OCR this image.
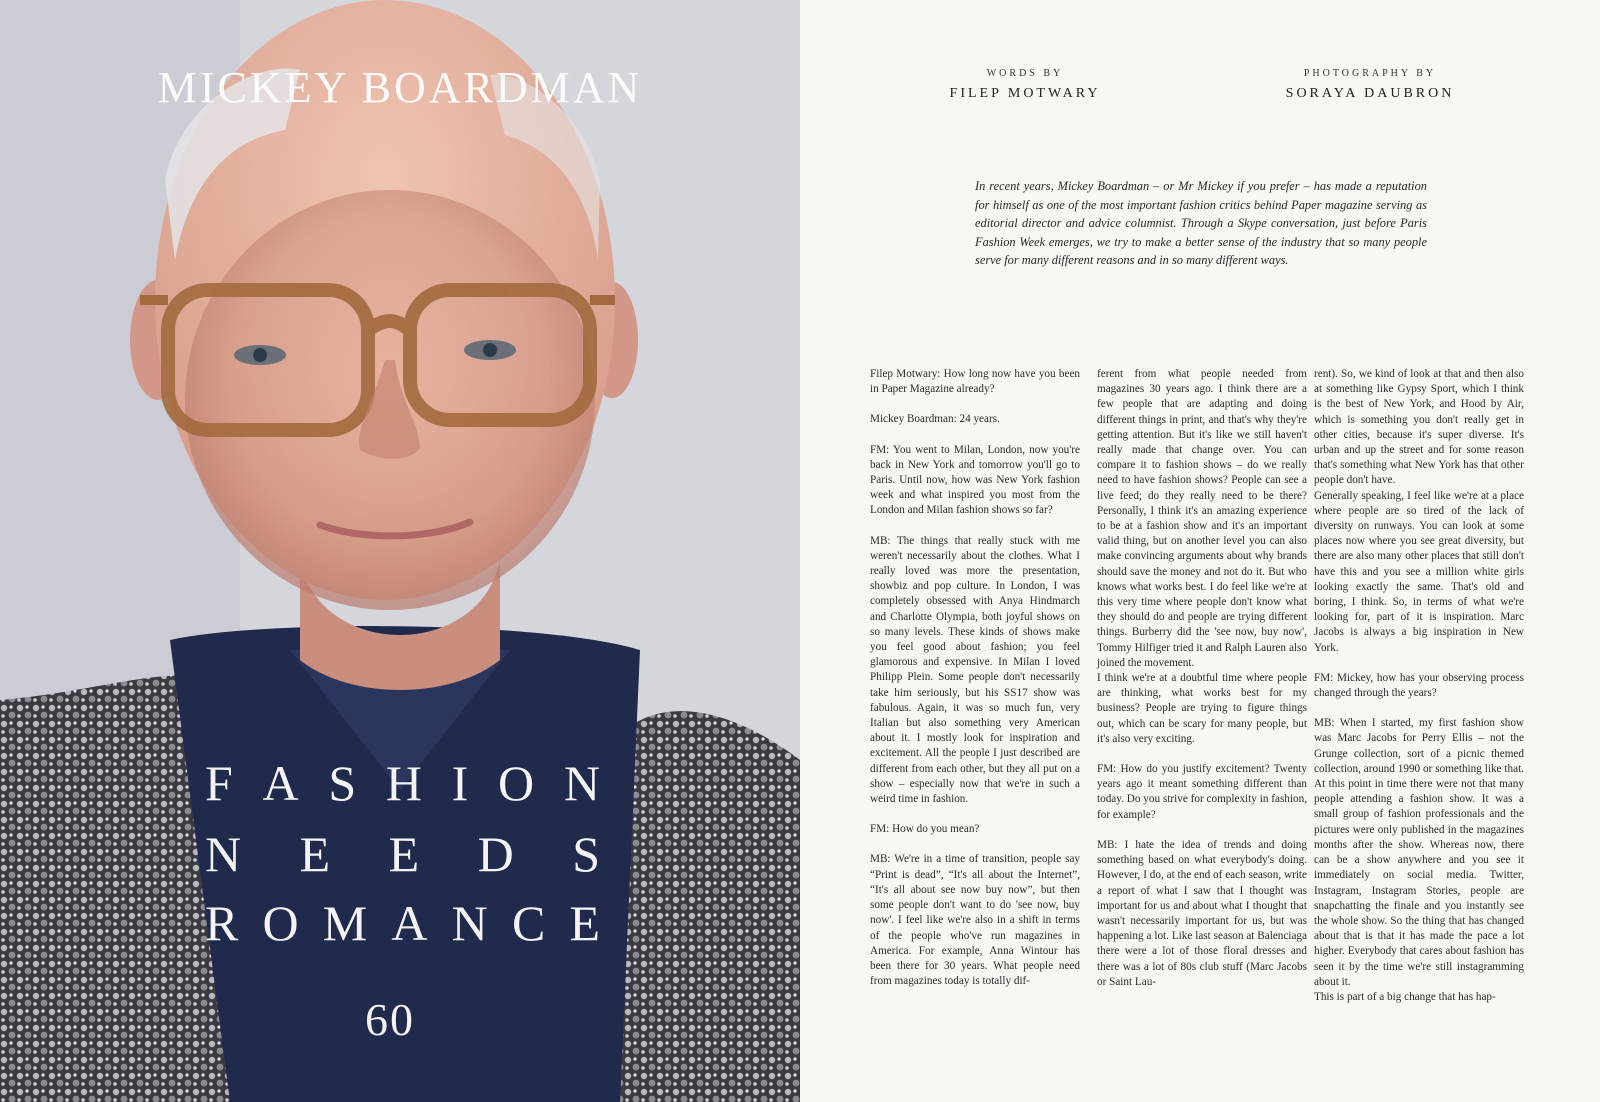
MICKEY BOARDMAN
F A S H I O N
N E E D S
R O M A N C E
60
WORDS BY
FILEP MOTWARY
PHOTOGRAPHY BY
SORAYA DAUBRON

In recent years, Mickey Boardman – or Mr Mickey if you prefer – has made a reputation for himself as one of the most important fashion critics behind Paper magazine serving as editorial director and advice columnist. Through a Skype conversation, just before Paris Fashion Week emerges, we try to make a better sense of the industry that so many people serve for many different reasons and in so many different ways.

Filep Motwary: How long now have you been in Paper Magazine already?

Mickey Boardman: 24 years.

FM: You went to Milan, London, now you're back in New York and tomorrow you'll go to Paris. Until now, how was New York fashion week and what inspired you most from the London and Milan fashion shows so far?

MB: The things that really stuck with me weren't necessarily about the clothes. What I really loved was more the presentation, showbiz and pop culture. In London, I was completely obsessed with Anya Hindmarch and Charlotte Olympia, both joyful shows on so many levels. These kinds of shows make you feel good about fashion; you feel glamorous and expensive. In Milan I loved Philipp Plein. Some people don't necessarily take him seriously, but his SS17 show was fabulous. Again, it was so much fun, very Italian but also something very American about it. I mostly look for inspiration and excitement. All the people I just described are different from each other, but they all put on a show – especially now that we're in such a weird time in fashion.

FM: How do you mean?

MB: We're in a time of transition, people say “Print is dead”, “It's all about the Internet”, “It's all about see now buy now”, but then some people don't want to do 'see now, buy now'. I feel like we're also in a shift in terms of the people who've run magazines in America. For example, Anna Wintour has been there for 30 years. What people need from magazines today is totally dif-

ferent from what people needed from magazines 30 years ago. I think there are a few people that are adapting and doing different things in print, and that's why they're getting attention. But it's like we still haven't really made that change over. You can compare it to fashion shows – do we really need to have fashion shows? People can see a live feed; do they really need to be there? Personally, I think it's an amazing experience to be at a fashion show and it's an important valid thing, but on another level you can also make convincing arguments about why brands should save the money and not do it. But who knows what works best. I do feel like we're at this very time where people don't know what they should do and people are trying different things. Burberry did the 'see now, buy now', Tommy Hilfiger tried it and Ralph Lauren also joined the movement.

I think we're at a doubtful time where people are thinking, what works best for my business? People are trying to figure things out, which can be scary for many people, but it's also very exciting.

FM: How do you justify excitement? Twenty years ago it meant something different than today. Do you strive for complexity in fashion, for example?

MB: I hate the idea of trends and doing something based on what everybody's doing. However, I do, at the end of each season, write a report of what I saw that I thought was important for us and about what I thought that wasn't necessarily important for us, but was happening a lot. Like last season at Balenciaga there were a lot of those floral dresses and there was a lot of 80s club stuff (Marc Jacobs or Saint Lau-

rent). So, we kind of look at that and then also at something like Gypsy Sport, which I think is the best of New York, and Hood by Air, which is something you don't really get in other cities, because it's super diverse. It's urban and up the street and for some reason that's something what New York has that other people don't have.

Generally speaking, I feel like we're at a place where people are so tired of the lack of diversity on runways. You can look at some places now where you see great diversity, but there are also many other places that still don't have this and you see a million white girls looking exactly the same. That's old and boring, I think. So, in terms of what we're looking for, part of it is inspiration. Marc Jacobs is always a big inspiration in New York.

FM: Mickey, how has your observing process changed through the years?

MB: When I started, my first fashion show was Marc Jacobs for Perry Ellis – not the Grunge collection, sort of a picnic themed collection, around 1990 or something like that. At this point in time there were not that many people attending a fashion show. It was a small group of fashion professionals and the pictures were only published in the magazines months after the show. Whereas now, there can be a show anywhere and you see it immediately on social media. Twitter, Instagram, Instagram Stories, people are snapchatting the finale and you instantly see the whole show. So the thing that has changed about that is that it has made the pace a lot higher. Everybody that cares about fashion has seen it by the time we're still instagramming about it.

This is part of a big change that has hap-
